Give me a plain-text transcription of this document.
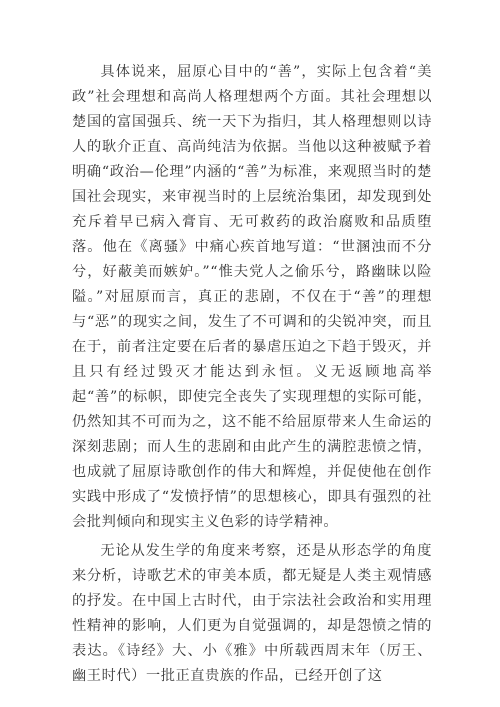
具体说来，屈原心目中的“善”，实际上包含着“美政”社会理想和高尚人格理想两个方面。其社会理想以楚国的富国强兵、统一天下为指归，其人格理想则以诗人的耿介正直、高尚纯洁为依据。当他以这种被赋予着明确“政治—伦理”内涵的“善”为标准，来观照当时的楚国社会现实，来审视当时的上层统治集团，却发现到处充斥着早已病入膏肓、无可救药的政治腐败和品质堕落。他在《离骚》中痛心疾首地写道：“世溷浊而不分兮，好蔽美而嫉妒。”“惟夫党人之偷乐兮，路幽昧以险隘。”对屈原而言，真正的悲剧，不仅在于“善”的理想与“恶”的现实之间，发生了不可调和的尖锐冲突，而且在于，前者注定要在后者的暴虐压迫之下趋于毁灭，并且只有经过毁灭才能达到永恒。义无返顾地高举起“善”的标帜，即使完全丧失了实现理想的实际可能，仍然知其不可而为之，这不能不给屈原带来人生命运的深刻悲剧；而人生的悲剧和由此产生的满腔悲愤之情，也成就了屈原诗歌创作的伟大和辉煌，并促使他在创作实践中形成了“发愤抒情”的思想核心，即具有强烈的社会批判倾向和现实主义色彩的诗学精神。

无论从发生学的角度来考察，还是从形态学的角度来分析，诗歌艺术的审美本质，都无疑是人类主观情感的抒发。在中国上古时代，由于宗法社会政治和实用理性精神的影响，人们更为自觉强调的，却是怨愤之情的表达。《诗经》大、小《雅》中所载西周末年（厉王、幽王时代）一批正直贵族的作品，已经开创了这
